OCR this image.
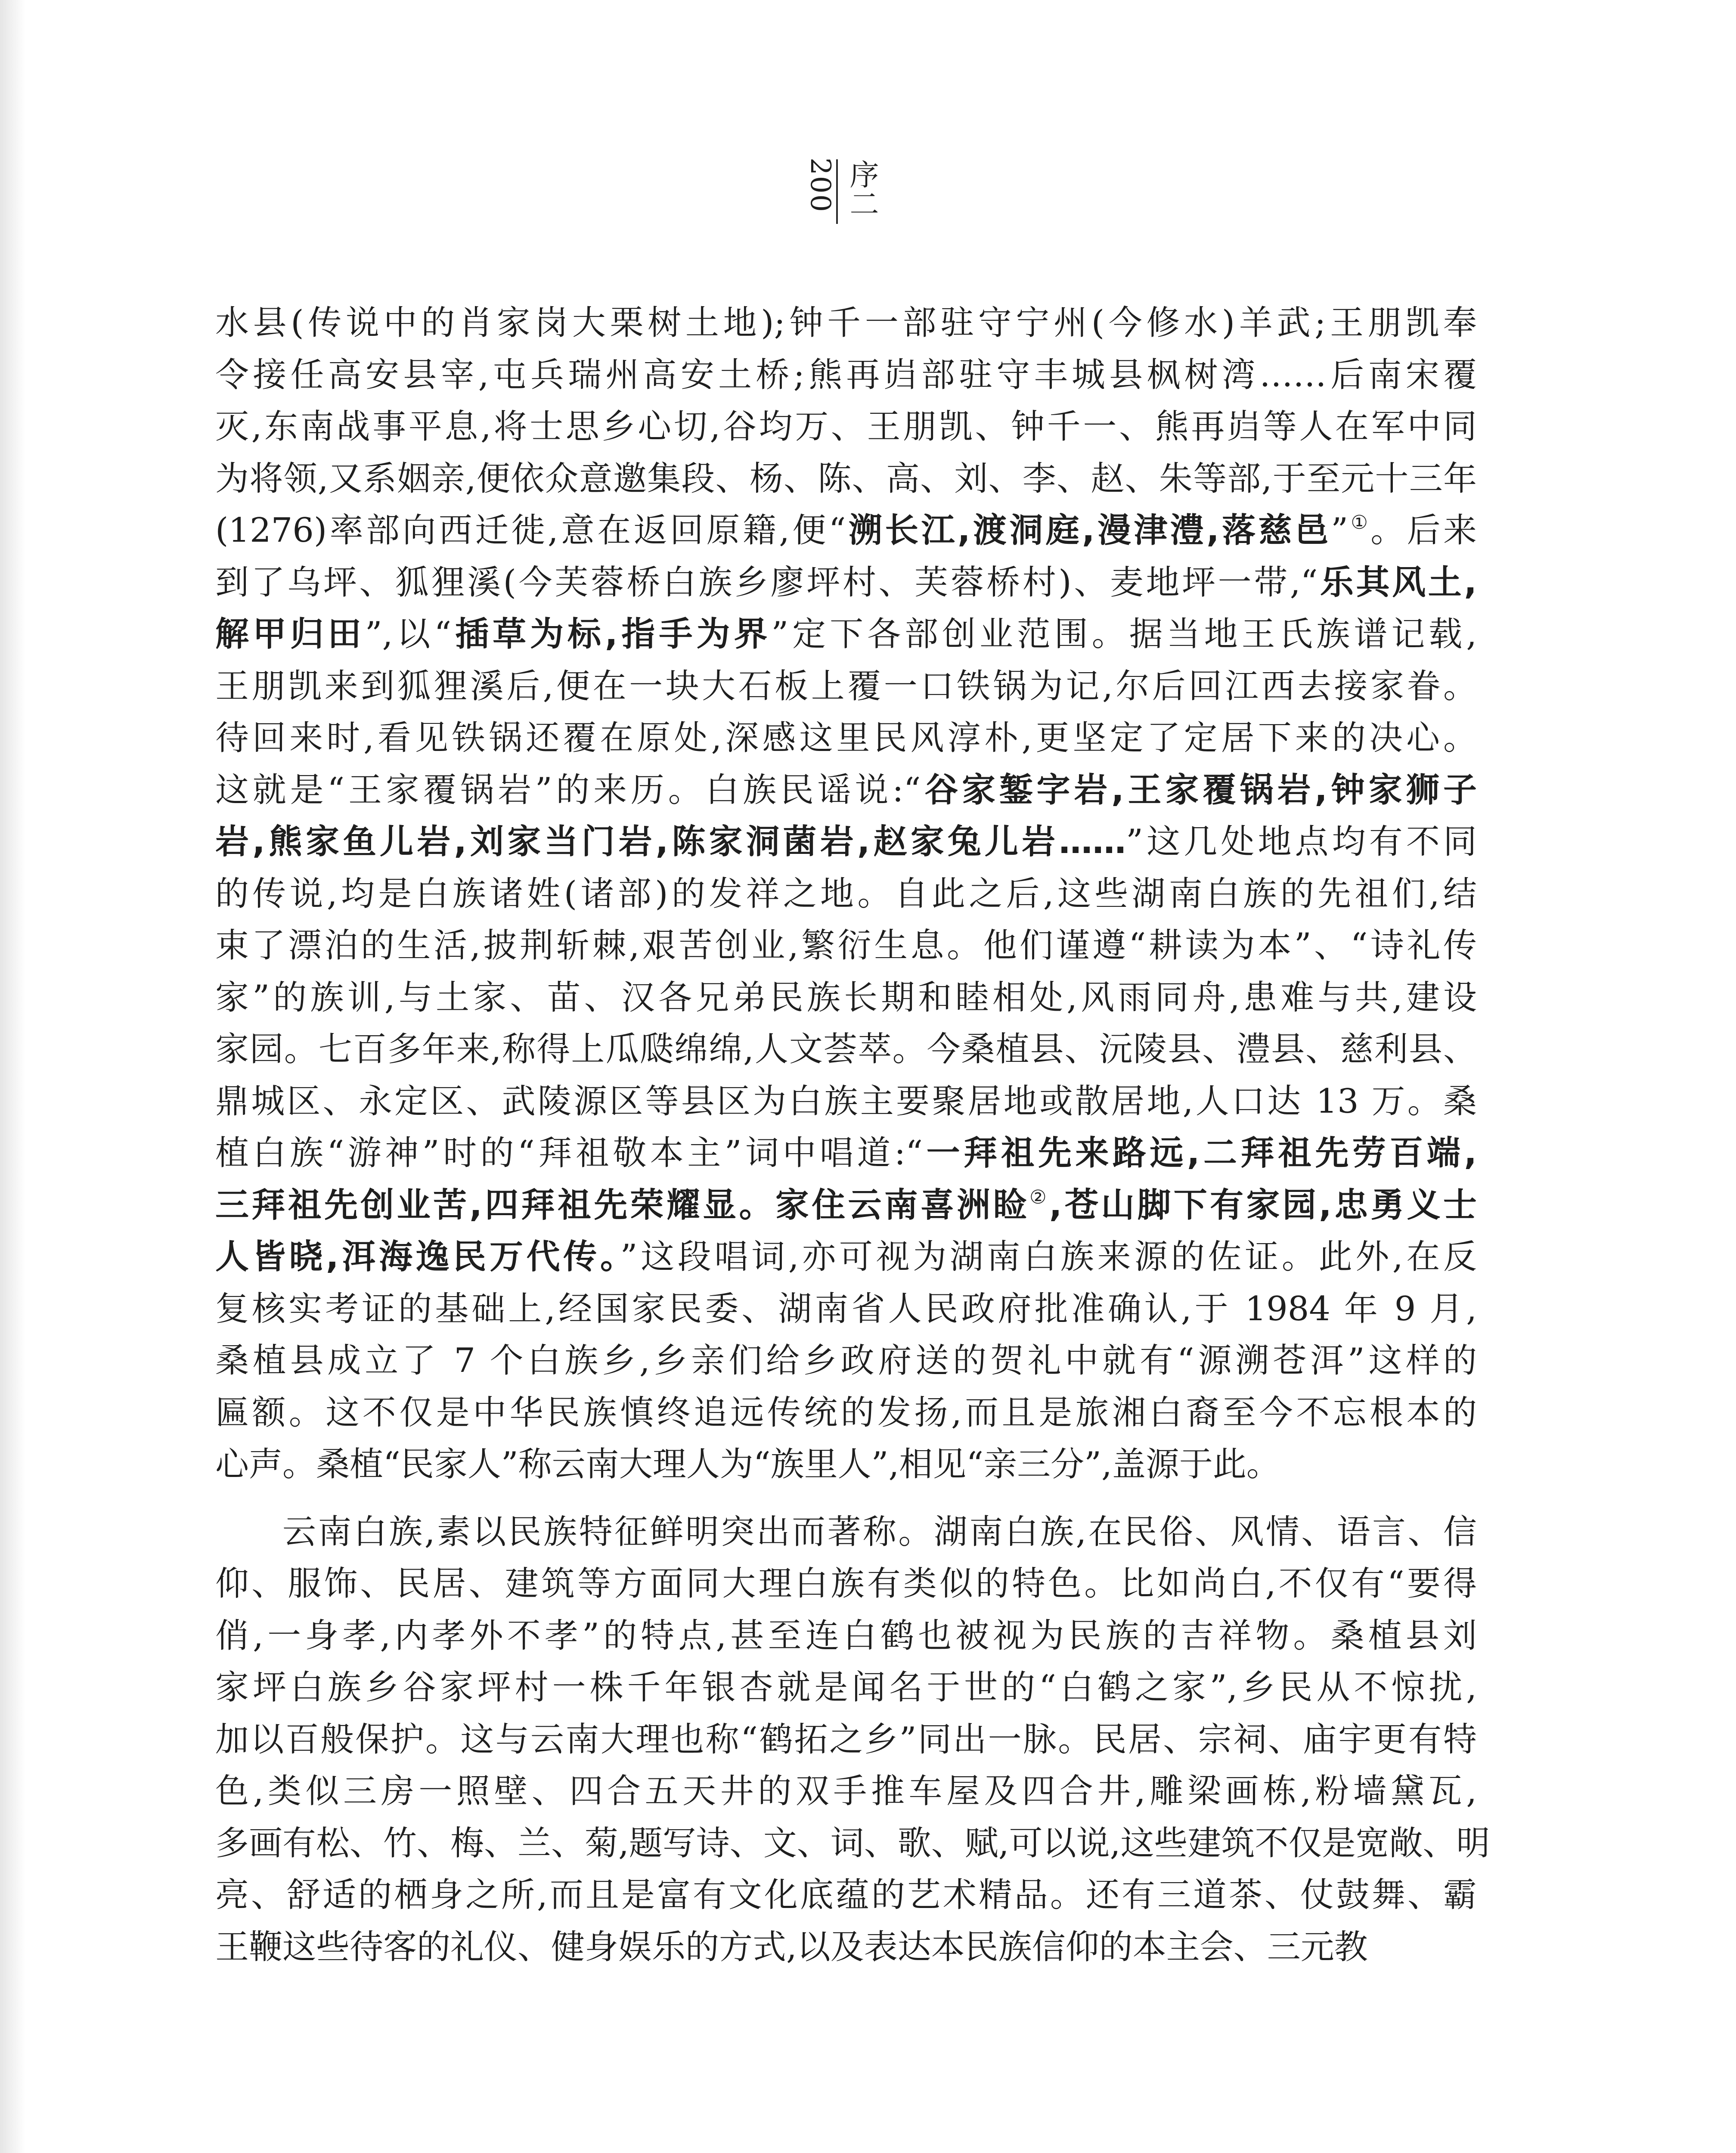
200 序二

水县(传说中的肖家岗大栗树土地);钟千一部驻守宁州(今修水)羊武;王朋凯奉
令接任高安县宰,屯兵瑞州高安土桥;熊再岿部驻守丰城县枫树湾……后南宋覆
灭,东南战事平息,将士思乡心切,谷均万、王朋凯、钟千一、熊再岿等人在军中同
为将领,又系姻亲,便依众意邀集段、杨、陈、高、刘、李、赵、朱等部,于至元十三年
(1276)率部向西迁徙,意在返回原籍,便“溯长江,渡洞庭,漫津澧,落慈邑”①。后来
到了乌坪、狐狸溪(今芙蓉桥白族乡廖坪村、芙蓉桥村)、麦地坪一带,“乐其风土,
解甲归田”,以“插草为标,指手为界”定下各部创业范围。据当地王氏族谱记载,
王朋凯来到狐狸溪后,便在一块大石板上覆一口铁锅为记,尔后回江西去接家眷。
待回来时,看见铁锅还覆在原处,深感这里民风淳朴,更坚定了定居下来的决心。
这就是“王家覆锅岩”的来历。白族民谣说:“谷家錾字岩,王家覆锅岩,钟家狮子
岩,熊家鱼儿岩,刘家当门岩,陈家洞菌岩,赵家兔儿岩……”这几处地点均有不同
的传说,均是白族诸姓(诸部)的发祥之地。自此之后,这些湖南白族的先祖们,结
束了漂泊的生活,披荆斩棘,艰苦创业,繁衍生息。他们谨遵“耕读为本”、“诗礼传
家”的族训,与土家、苗、汉各兄弟民族长期和睦相处,风雨同舟,患难与共,建设
家园。七百多年来,称得上瓜瓞绵绵,人文荟萃。今桑植县、沅陵县、澧县、慈利县、
鼎城区、永定区、武陵源区等县区为白族主要聚居地或散居地,人口达 13 万。桑
植白族“游神”时的“拜祖敬本主”词中唱道:“一拜祖先来路远,二拜祖先劳百端,
三拜祖先创业苦,四拜祖先荣耀显。家住云南喜洲睑②,苍山脚下有家园,忠勇义士
人皆晓,洱海逸民万代传。”这段唱词,亦可视为湖南白族来源的佐证。此外,在反
复核实考证的基础上,经国家民委、湖南省人民政府批准确认,于 1984 年 9 月,
桑植县成立了 7 个白族乡,乡亲们给乡政府送的贺礼中就有“源溯苍洱”这样的
匾额。这不仅是中华民族慎终追远传统的发扬,而且是旅湘白裔至今不忘根本的
心声。桑植“民家人”称云南大理人为“族里人”,相见“亲三分”,盖源于此。

云南白族,素以民族特征鲜明突出而著称。湖南白族,在民俗、风情、语言、信
仰、服饰、民居、建筑等方面同大理白族有类似的特色。比如尚白,不仅有“要得
俏,一身孝,内孝外不孝”的特点,甚至连白鹤也被视为民族的吉祥物。桑植县刘
家坪白族乡谷家坪村一株千年银杏就是闻名于世的“白鹤之家”,乡民从不惊扰,
加以百般保护。这与云南大理也称“鹤拓之乡”同出一脉。民居、宗祠、庙宇更有特
色,类似三房一照壁、四合五天井的双手推车屋及四合井,雕梁画栋,粉墙黛瓦,
多画有松、竹、梅、兰、菊,题写诗、文、词、歌、赋,可以说,这些建筑不仅是宽敞、明
亮、舒适的栖身之所,而且是富有文化底蕴的艺术精品。还有三道茶、仗鼓舞、霸
王鞭这些待客的礼仪、健身娱乐的方式,以及表达本民族信仰的本主会、三元教
